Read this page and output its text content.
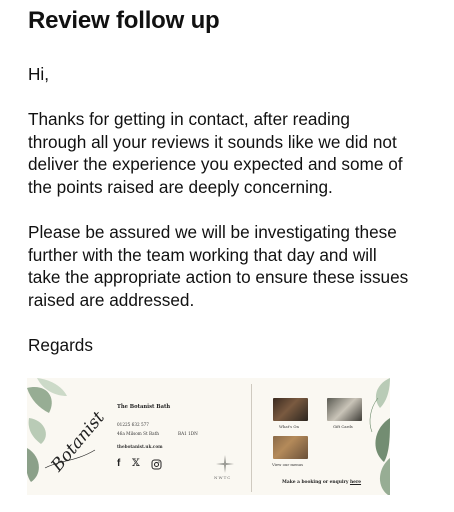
Review follow up

Hi,

Thanks for getting in contact, after reading
through all your reviews it sounds like we did not
deliver the experience you expected and some of
the points raised are deeply concerning.

Please be assured we will be investigating these
further with the team working that day and will
take the appropriate action to ensure these issues
raised are addressed.

Regards

Botanist
The Botanist Bath
01225 632 577
46a Milsom St Bath	BA1 1DN
thebotanist.uk.com
f 𝕏
NWTC
What's On	Gift Cards
View our menus
Make a booking or enquiry here
